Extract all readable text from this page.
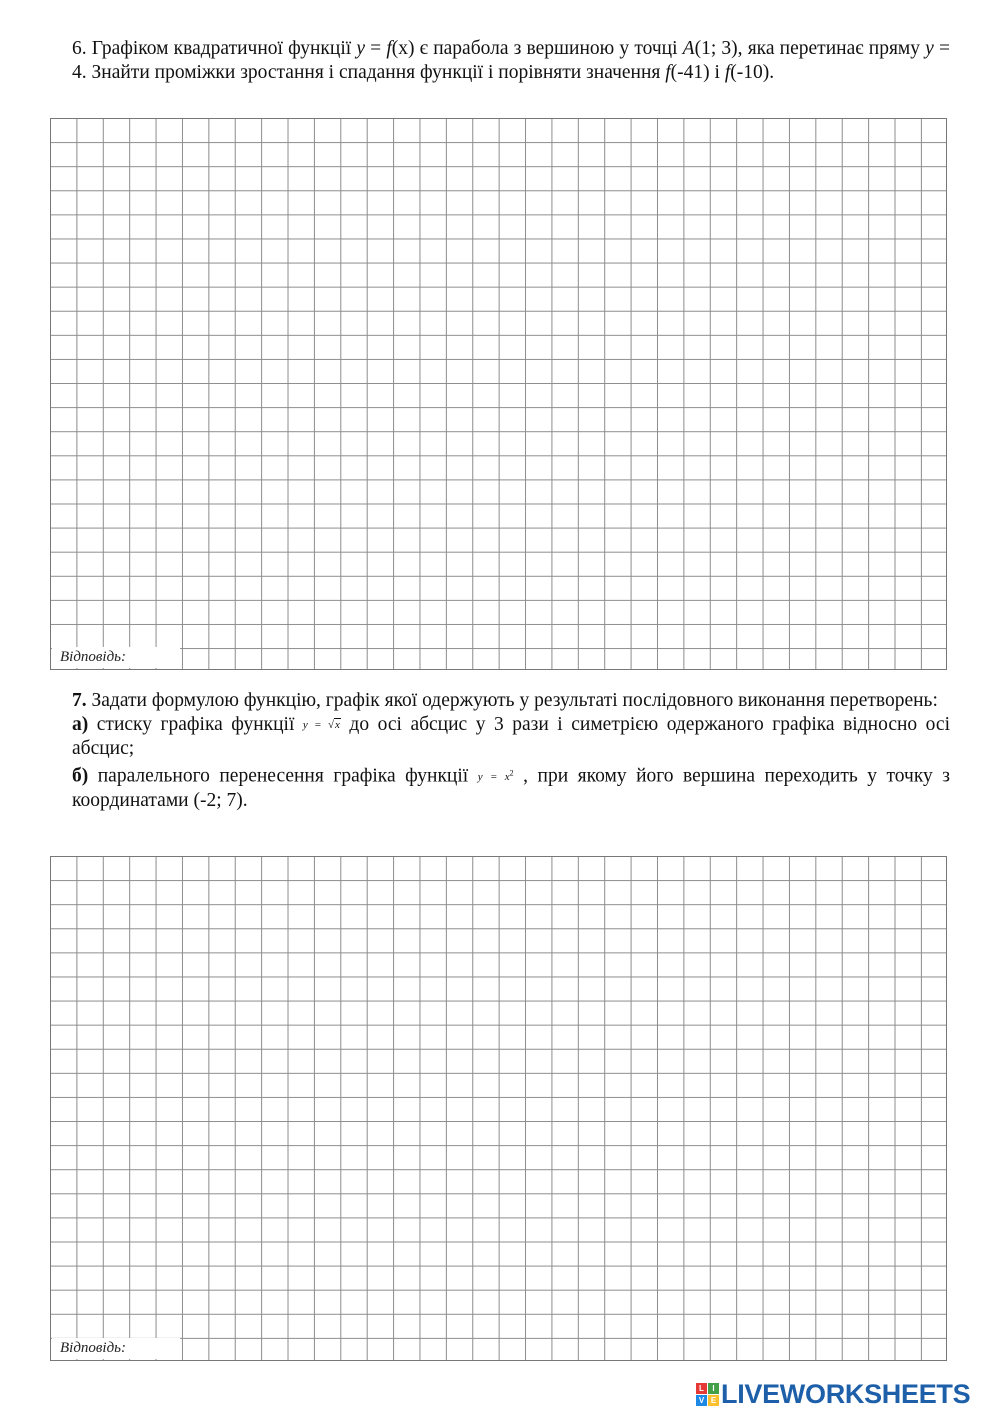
6. Графіком квадратичної функції y = f(x) є парабола з вершиною у точці A(1; 3), яка перетинає пряму y = 4. Знайти проміжки зростання і спадання функції і порівняти значення f(-41) і f(-10).

Відповідь:

7. Задати формулою функцію, графік якої одержують у результаті послідовного виконання перетворень:

а) стиску графіка функції y = √x до осі абсцис у 3 рази і симетрією одержаного графіка відносно осі абсцис;

б) паралельного перенесення графіка функції $y = x^2$ , при якому його вершина переходить у точку з координатами (-2; 7).

Відповідь:
L	I
V E LIVEWORKSHEETS
